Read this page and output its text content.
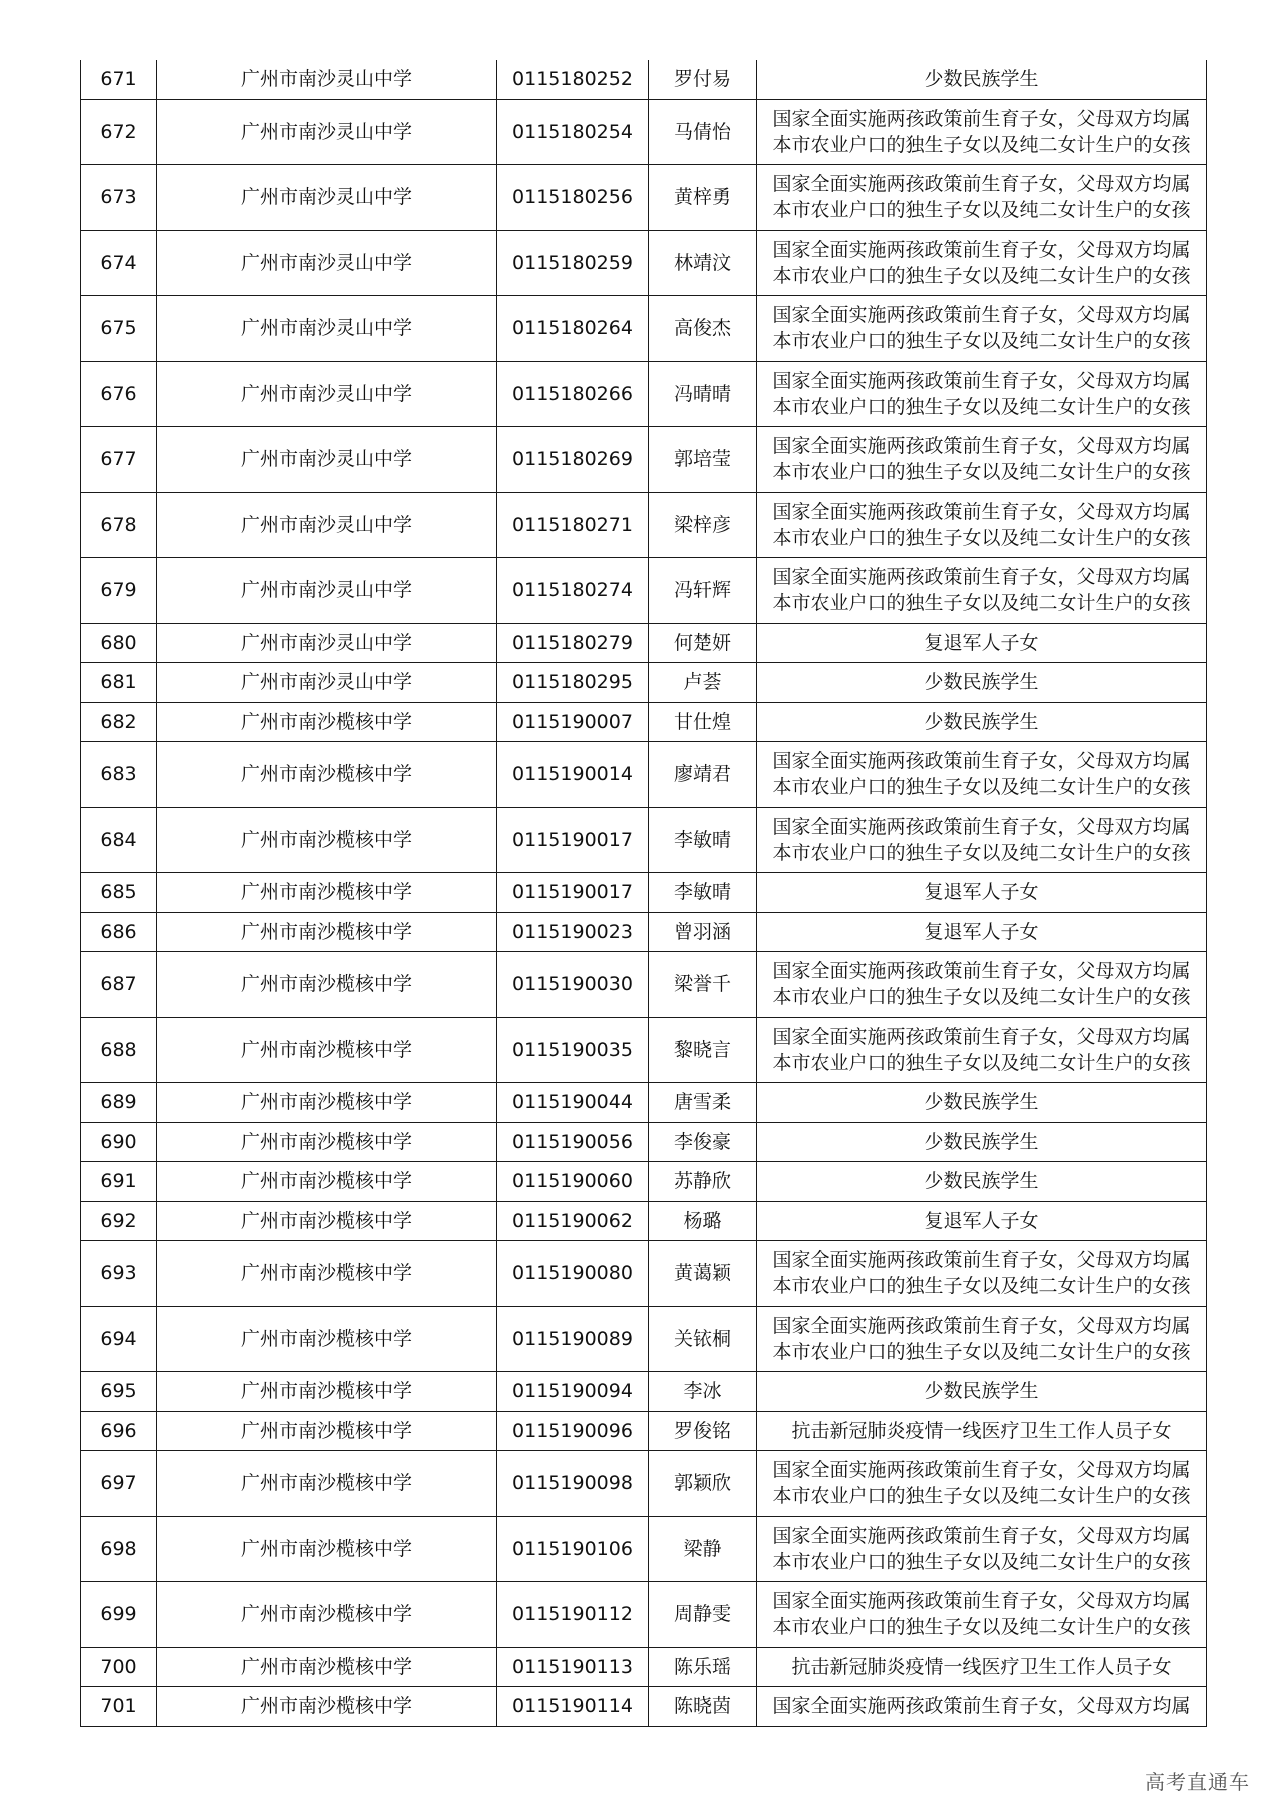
671	广州市南沙灵山中学	0115180252	罗付易	少数民族学生

672	广州市南沙灵山中学	0115180254	马倩怡	国家全面实施两孩政策前生育子女，父母双方均属
本市农业户口的独生子女以及纯二女计生户的女孩

673	广州市南沙灵山中学	0115180256	黄梓勇	国家全面实施两孩政策前生育子女，父母双方均属
本市农业户口的独生子女以及纯二女计生户的女孩

674	广州市南沙灵山中学	0115180259	林靖汶	国家全面实施两孩政策前生育子女，父母双方均属
本市农业户口的独生子女以及纯二女计生户的女孩

675	广州市南沙灵山中学	0115180264	高俊杰	国家全面实施两孩政策前生育子女，父母双方均属
本市农业户口的独生子女以及纯二女计生户的女孩

676	广州市南沙灵山中学	0115180266	冯晴晴	国家全面实施两孩政策前生育子女，父母双方均属
本市农业户口的独生子女以及纯二女计生户的女孩

677	广州市南沙灵山中学	0115180269	郭培莹	国家全面实施两孩政策前生育子女，父母双方均属
本市农业户口的独生子女以及纯二女计生户的女孩

678	广州市南沙灵山中学	0115180271	梁梓彦	国家全面实施两孩政策前生育子女，父母双方均属
本市农业户口的独生子女以及纯二女计生户的女孩

679	广州市南沙灵山中学	0115180274	冯轩辉	国家全面实施两孩政策前生育子女，父母双方均属
本市农业户口的独生子女以及纯二女计生户的女孩

680	广州市南沙灵山中学	0115180279	何楚妍	复退军人子女

681	广州市南沙灵山中学	0115180295	卢荟	少数民族学生

682	广州市南沙榄核中学	0115190007	甘仕煌	少数民族学生

683	广州市南沙榄核中学	0115190014	廖靖君	国家全面实施两孩政策前生育子女，父母双方均属
本市农业户口的独生子女以及纯二女计生户的女孩

684	广州市南沙榄核中学	0115190017	李敏晴	国家全面实施两孩政策前生育子女，父母双方均属
本市农业户口的独生子女以及纯二女计生户的女孩

685	广州市南沙榄核中学	0115190017	李敏晴	复退军人子女

686	广州市南沙榄核中学	0115190023	曾羽涵	复退军人子女

687	广州市南沙榄核中学	0115190030	梁誉千	国家全面实施两孩政策前生育子女，父母双方均属
本市农业户口的独生子女以及纯二女计生户的女孩

688	广州市南沙榄核中学	0115190035	黎晓言	国家全面实施两孩政策前生育子女，父母双方均属
本市农业户口的独生子女以及纯二女计生户的女孩

689	广州市南沙榄核中学	0115190044	唐雪柔	少数民族学生

690	广州市南沙榄核中学	0115190056	李俊豪	少数民族学生

691	广州市南沙榄核中学	0115190060	苏静欣	少数民族学生

692	广州市南沙榄核中学	0115190062	杨璐	复退军人子女

693	广州市南沙榄核中学	0115190080	黄蔼颖	国家全面实施两孩政策前生育子女，父母双方均属
本市农业户口的独生子女以及纯二女计生户的女孩

694	广州市南沙榄核中学	0115190089	关铱桐	国家全面实施两孩政策前生育子女，父母双方均属
本市农业户口的独生子女以及纯二女计生户的女孩

695	广州市南沙榄核中学	0115190094	李冰	少数民族学生

696	广州市南沙榄核中学	0115190096	罗俊铭	抗击新冠肺炎疫情一线医疗卫生工作人员子女

697	广州市南沙榄核中学	0115190098	郭颖欣	国家全面实施两孩政策前生育子女，父母双方均属
本市农业户口的独生子女以及纯二女计生户的女孩

698	广州市南沙榄核中学	0115190106	梁静	国家全面实施两孩政策前生育子女，父母双方均属
本市农业户口的独生子女以及纯二女计生户的女孩

699	广州市南沙榄核中学	0115190112	周静雯	国家全面实施两孩政策前生育子女，父母双方均属
本市农业户口的独生子女以及纯二女计生户的女孩

700	广州市南沙榄核中学	0115190113	陈乐瑶	抗击新冠肺炎疫情一线医疗卫生工作人员子女

701	广州市南沙榄核中学	0115190114	陈晓茵	国家全面实施两孩政策前生育子女，父母双方均属
高考直通车
